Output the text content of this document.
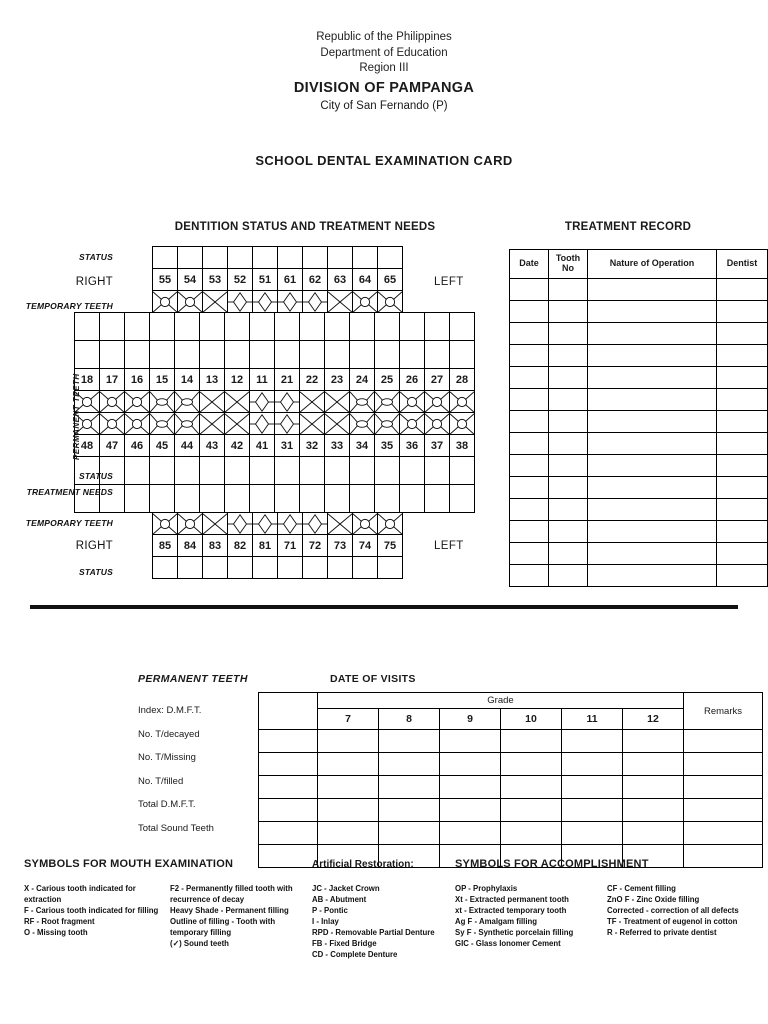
Republic of the Philippines
Department of Education
Region III
DIVISION OF PAMPANGA
City of San Fernando (P)
SCHOOL DENTAL EXAMINATION CARD
DENTITION STATUS AND TREATMENT NEEDS	TREATMENT RECORD
55	54	53	52	51	61	62	63	64	65
18	17	16	15	14	13	12	11	21	22	23	24	25	26	27	28
48	47	46	45	44	43	42	41	31	32	33	34	35	36	37	38
85	84	83	82	81	71	72	73	74	75
STATUS
RIGHT
TEMPORARY TEETH
STATUS
TREATMENT NEEDS
TEMPORARY TEETH
RIGHT
STATUS
LEFT
LEFT
PERMANENT TEETH
Date	Tooth No	Nature of Operation	Dentist

PERMANENT TEETH	DATE OF VISITS
Index: D.M.F.T.
No. T/decayed
No. T/Missing
No. T/filled
Total D.M.F.T.
Total Sound Teeth
	Grade						Remarks
	7	8	9	10	11	12	

SYMBOLS FOR MOUTH EXAMINATION	Artificial Restoration:	SYMBOLS FOR ACCOMPLISHMENT
X - Carious tooth indicated for extraction
F - Carious tooth indicated for filling
RF - Root fragment
O - Missing tooth
F2 - Permanently filled tooth with recurrence of decay
Heavy Shade - Permanent filling
Outline of filling - Tooth with temporary filling
(✓) Sound teeth
JC - Jacket Crown
AB - Abutment
P - Pontic
I - Inlay
RPD - Removable Partial Denture
FB - Fixed Bridge
CD - Complete Denture
OP - Prophylaxis
Xt - Extracted permanent tooth
xt - Extracted temporary tooth
Ag F - Amalgam filling
Sy F - Synthetic porcelain filling
GIC - Glass Ionomer Cement
CF - Cement filling
ZnO F - Zinc Oxide filling
Corrected - correction of all defects
TF - Treatment of eugenol in cotton
R - Referred to private dentist
